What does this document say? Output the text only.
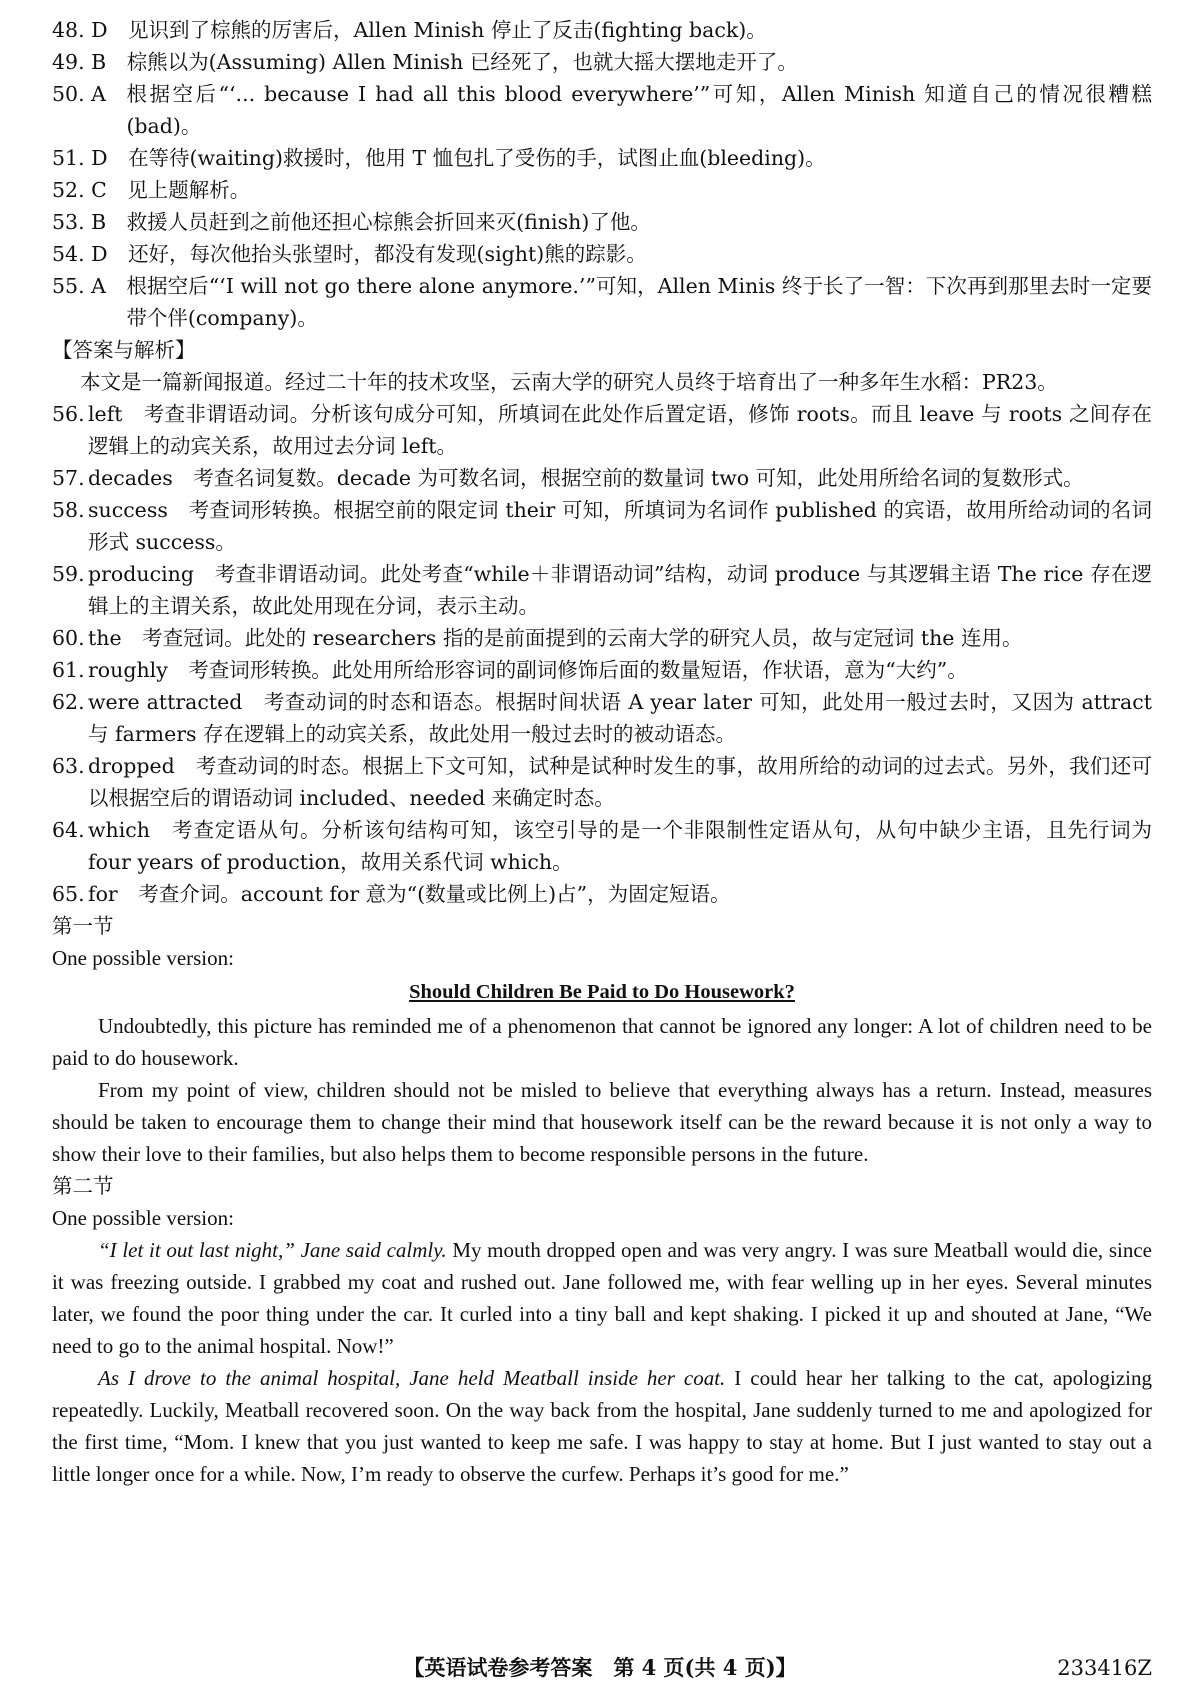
48. D　 见识到了棕熊的厉害后，Allen Minish 停止了反击(fighting back)。
49. B　 棕熊以为(Assuming) Allen Minish 已经死了，也就大摇大摆地走开了。
50. A　 根据空后“‘... because I had all this blood everywhere’”可知，Allen Minish 知道自己的情况很糟糕(bad)。
51. D　 在等待(waiting)救援时，他用 T 恤包扎了受伤的手，试图止血(bleeding)。
52. C　 见上题解析。
53. B　 救援人员赶到之前他还担心棕熊会折回来灭(finish)了他。
54. D　 还好，每次他抬头张望时，都没有发现(sight)熊的踪影。
55. A　 根据空后“‘I will not go there alone anymore.’”可知，Allen Minis 终于长了一智：下次再到那里去时一定要带个伴(company)。
【答案与解析】
本文是一篇新闻报道。经过二十年的技术攻坚，云南大学的研究人员终于培育出了一种多年生水稻：PR23。
56.
left　考查非谓语动词。分析该句成分可知，所填词在此处作后置定语，修饰 roots。而且 leave 与 roots 之间存在逻辑上的动宾关系，故用过去分词 left。
57.
decades　考查名词复数。decade 为可数名词，根据空前的数量词 two 可知，此处用所给名词的复数形式。
58.
success　考查词形转换。根据空前的限定词 their 可知，所填词为名词作 published 的宾语，故用所给动词的名词形式 success。
59.
producing　考查非谓语动词。此处考查“while＋非谓语动词”结构，动词 produce 与其逻辑主语 The rice 存在逻辑上的主谓关系，故此处用现在分词，表示主动。
60.
the　考查冠词。此处的 researchers 指的是前面提到的云南大学的研究人员，故与定冠词 the 连用。
61.
roughly　考查词形转换。此处用所给形容词的副词修饰后面的数量短语，作状语，意为“大约”。
62.
were attracted　考查动词的时态和语态。根据时间状语 A year later 可知，此处用一般过去时，又因为 attract 与 farmers 存在逻辑上的动宾关系，故此处用一般过去时的被动语态。
63.
dropped　考查动词的时态。根据上下文可知，试种是试种时发生的事，故用所给的动词的过去式。另外，我们还可以根据空后的谓语动词 included、needed 来确定时态。
64.
which　考查定语从句。分析该句结构可知，该空引导的是一个非限制性定语从句，从句中缺少主语，且先行词为 four years of production，故用关系代词 which。
65.
for　考查介词。account for 意为“(数量或比例上)占”，为固定短语。
第一节
One possible version:
Should Children Be Paid to Do Housework?
Undoubtedly, this picture has reminded me of a phenomenon that cannot be ignored any longer: A lot of children need to be paid to do housework.
From my point of view, children should not be misled to believe that everything always has a return. Instead, measures should be taken to encourage them to change their mind that housework itself can be the reward because it is not only a way to show their love to their families, but also helps them to become responsible persons in the future.
第二节
One possible version:
“I let it out last night,” Jane said calmly. My mouth dropped open and was very angry. I was sure Meatball would die, since it was freezing outside. I grabbed my coat and rushed out. Jane followed me, with fear welling up in her eyes. Several minutes later, we found the poor thing under the car. It curled into a tiny ball and kept shaking. I picked it up and shouted at Jane, “We need to go to the animal hospital. Now!”
As I drove to the animal hospital, Jane held Meatball inside her coat. I could hear her talking to the cat, apologizing repeatedly. Luckily, Meatball recovered soon. On the way back from the hospital, Jane suddenly turned to me and apologized for the first time, “Mom. I knew that you just wanted to keep me safe. I was happy to stay at home. But I just wanted to stay out a little longer once for a while. Now, I’m ready to observe the curfew. Perhaps it’s good for me.”
【英语试卷参考答案　第 4 页(共 4 页)】	233416Z
